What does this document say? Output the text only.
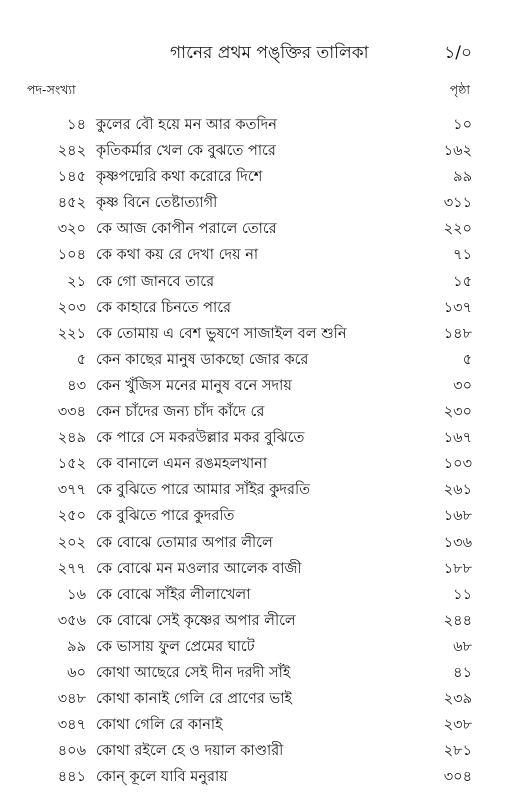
গানের প্রথম পঙ্‌ক্তির তালিকা	১/০
পদ-সংখ্যা	পৃষ্ঠা
১৪ কুলের বৌ হয়ে মন আর কতদিন	১০
২৪২ কৃতিকর্মার খেল কে বুঝতে পারে	১৬২
১৪৫ কৃষ্ণপদ্মেরি কথা করোরে দিশে	৯৯
৪৫২ কৃষ্ণ বিনে তেষ্টাত্যাগী	৩১১
৩২০ কে আজ কোপীন পরালে তোরে	২২০
১০৪ কে কথা কয় রে দেখা দেয় না	৭১
২১ কে গো জানবে তারে	১৫
২০৩ কে কাহারে চিনতে পারে	১৩৭
২২১ কে তোমায় এ বেশ ভুষণে সাজাইল বল শুনি	১৪৮
৫ কেন কাছের মানুষ ডাকছো জোর করে	৫
৪৩ কেন খুঁজিস মনের মানুষ বনে সদায়	৩০
৩৩৪ কেন চাঁদের জন্য চাঁদ কাঁদে রে	২৩০
২৪৯ কে পারে সে মকরউল্লার মকর বুঝিতে	১৬৭
১৫২ কে বানালে এমন রঙমহলখানা	১০৩
৩৭৭ কে বুঝিতে পারে আমার সাঁইর কুদরতি	২৬১
২৫০ কে বুঝিতে পারে কুদরতি	১৬৮
২০২ কে বোঝে তোমার অপার লীলে	১৩৬
২৭৭ কে বোঝে মন মওলার আলেক বাজী	১৮৮
১৬ কে বোঝে সাঁইর লীলাখেলা	১১
৩৫৬ কে বোঝে সেই কৃষ্ণের অপার লীলে	২৪৪
৯৯ কে ভাসায় ফুল প্রেমের ঘাটে	৬৮
৬০ কোথা আছেরে সেই দীন দরদী সাঁই	৪১
৩৪৮ কোথা কানাই গেলি রে প্রাণের ভাই	২৩৯
৩৪৭ কোথা গেলি রে কানাই	২৩৮
৪০৬ কোথা রইলে হে ও দয়াল কাণ্ডারী	২৮১
৪৪১ কোন্ কূলে যাবি মনুরায়	৩০৪
